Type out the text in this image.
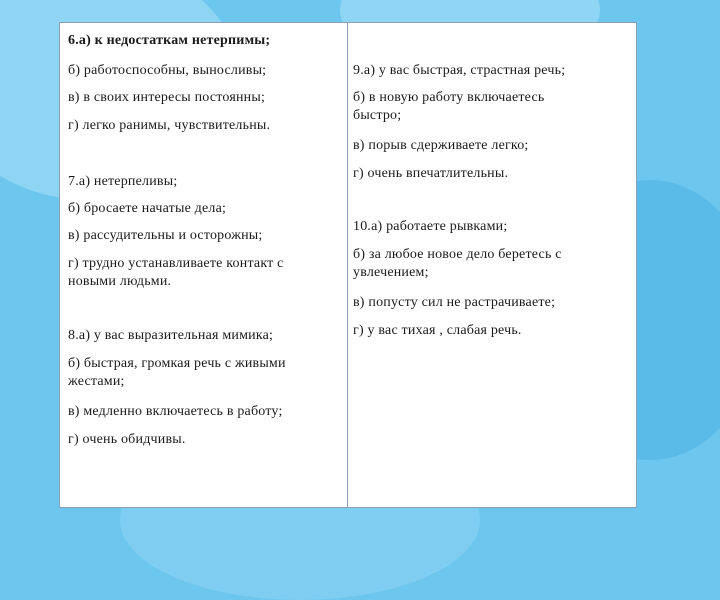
6.а) к недостаткам нетерпимы;

б) работоспособны, выносливы;

в) в своих интересы постоянны;

г) легко ранимы, чувствительны.

7.а) нетерпеливы;

б) бросаете начатые дела;

в) рассудительны и осторожны;

г) трудно устанавливаете контакт с

новыми людьми.

8.а) у вас выразительная мимика;

б) быстрая, громкая речь с живыми

жестами;

в) медленно включаетесь в работу;

г) очень обидчивы.

9.а) у вас быстрая, страстная речь;

б) в новую работу включаетесь

быстро;

в) порыв сдерживаете легко;

г) очень впечатлительны.

10.а) работаете рывками;

б) за любое новое дело беретесь с

увлечением;

в) попусту сил не растрачиваете;

г) у вас тихая , слабая речь.
